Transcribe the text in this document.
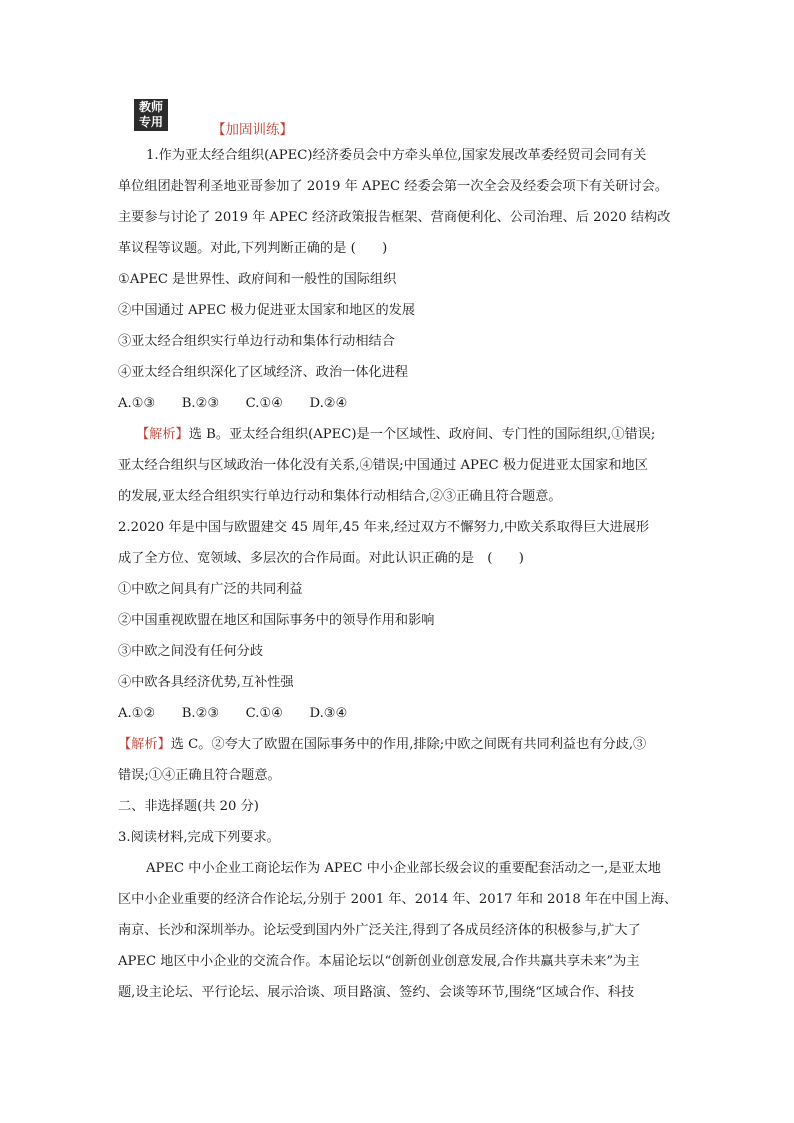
教师
专用	【加固训练】
1.作为亚太经合组织(APEC)经济委员会中方牵头单位,国家发展改革委经贸司会同有关
单位组团赴智利圣地亚哥参加了 2019 年 APEC 经委会第一次全会及经委会项下有关研讨会。
主要参与讨论了 2019 年 APEC 经济政策报告框架、营商便利化、公司治理、后 2020 结构改
革议程等议题。对此,下列判断正确的是 (　　)
①APEC 是世界性、政府间和一般性的国际组织
②中国通过 APEC 极力促进亚太国家和地区的发展
③亚太经合组织实行单边行动和集体行动相结合
④亚太经合组织深化了区域经济、政治一体化进程
A.①③　　B.②③　　C.①④　　D.②④
【解析】选 B。亚太经合组织(APEC)是一个区域性、政府间、专门性的国际组织,①错误;
亚太经合组织与区域政治一体化没有关系,④错误;中国通过 APEC 极力促进亚太国家和地区
的发展,亚太经合组织实行单边行动和集体行动相结合,②③正确且符合题意。
2.2020 年是中国与欧盟建交 45 周年,45 年来,经过双方不懈努力,中欧关系取得巨大进展形
成了全方位、宽领域、多层次的合作局面。对此认识正确的是　(　　)
①中欧之间具有广泛的共同利益
②中国重视欧盟在地区和国际事务中的领导作用和影响
③中欧之间没有任何分歧
④中欧各具经济优势,互补性强
A.①②　　B.②③　　C.①④　　D.③④
【解析】选 C。②夸大了欧盟在国际事务中的作用,排除;中欧之间既有共同利益也有分歧,③
错误;①④正确且符合题意。
二、非选择题(共 20 分)
3.阅读材料,完成下列要求。
APEC 中小企业工商论坛作为 APEC 中小企业部长级会议的重要配套活动之一,是亚太地
区中小企业重要的经济合作论坛,分别于 2001 年、2014 年、2017 年和 2018 年在中国上海、
南京、长沙和深圳举办。论坛受到国内外广泛关注,得到了各成员经济体的积极参与,扩大了
APEC 地区中小企业的交流合作。本届论坛以“创新创业创意发展,合作共赢共享未来”为主
题,设主论坛、平行论坛、展示洽谈、项目路演、签约、会谈等环节,围绕“区域合作、科技
